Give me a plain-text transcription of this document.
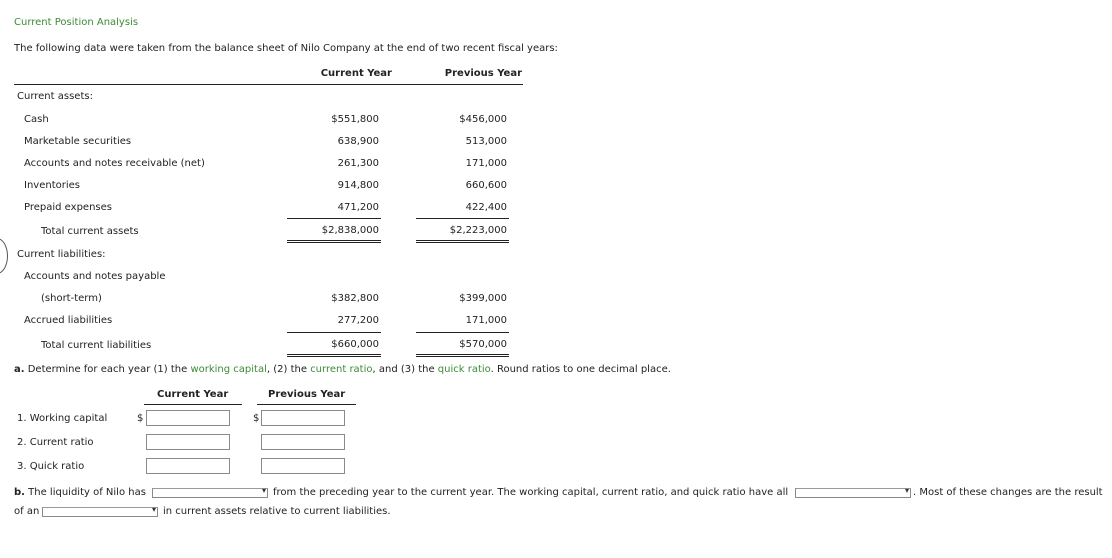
Current Position Analysis
The following data were taken from the balance sheet of Nilo Company at the end of two recent fiscal years:
Current Year	Previous Year
Current assets:
Cash	$551,800	$456,000
Marketable securities	638,900	513,000
Accounts and notes receivable (net)	261,300	171,000
Inventories	914,800	660,600
Prepaid expenses	471,200	422,400
Total current assets	$2,838,000	$2,223,000
Current liabilities:
Accounts and notes payable
(short-term)	$382,800	$399,000
Accrued liabilities	277,200	171,000
Total current liabilities	$660,000	$570,000
a. Determine for each year (1) the working capital, (2) the current ratio, and (3) the quick ratio. Round ratios to one decimal place.
Current Year	Previous Year
1. Working capital	$	$
2. Current ratio
3. Quick ratio
b. The liquidity of Nilo has	▾ from the preceding year to the current year. The working capital, current ratio, and quick ratio have all	▾ . Most of these changes are the result
of an	▾ in current assets relative to current liabilities.
